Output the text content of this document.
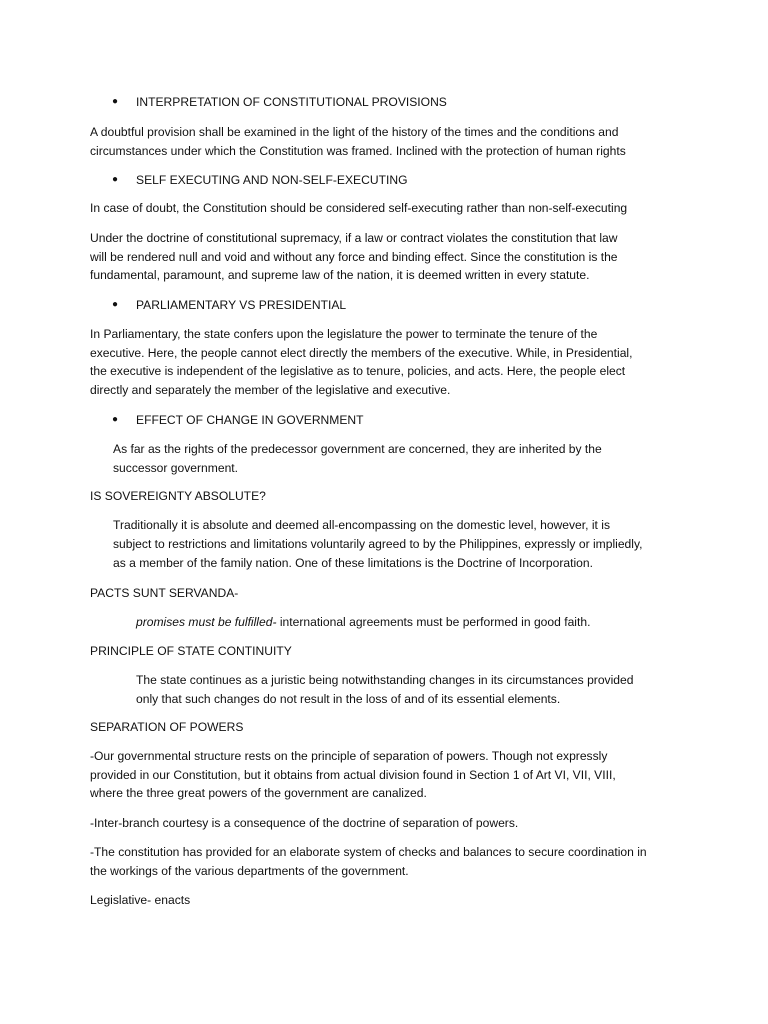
● INTERPRETATION OF CONSTITUTIONAL PROVISIONS
A doubtful provision shall be examined in the light of the history of the times and the conditions and
circumstances under which the Constitution was framed. Inclined with the protection of human rights
● SELF EXECUTING AND NON-SELF-EXECUTING
In case of doubt, the Constitution should be considered self-executing rather than non-self-executing
Under the doctrine of constitutional supremacy, if a law or contract violates the constitution that law
will be rendered null and void and without any force and binding effect. Since the constitution is the
fundamental, paramount, and supreme law of the nation, it is deemed written in every statute.
● PARLIAMENTARY VS PRESIDENTIAL
In Parliamentary, the state confers upon the legislature the power to terminate the tenure of the
executive. Here, the people cannot elect directly the members of the executive. While, in Presidential,
the executive is independent of the legislative as to tenure, policies, and acts. Here, the people elect
directly and separately the member of the legislative and executive.
● EFFECT OF CHANGE IN GOVERNMENT
As far as the rights of the predecessor government are concerned, they are inherited by the
successor government.
IS SOVEREIGNTY ABSOLUTE?
Traditionally it is absolute and deemed all-encompassing on the domestic level, however, it is
subject to restrictions and limitations voluntarily agreed to by the Philippines, expressly or impliedly,
as a member of the family nation. One of these limitations is the Doctrine of Incorporation.
PACTS SUNT SERVANDA-
promises must be fulfilled- international agreements must be performed in good faith.
PRINCIPLE OF STATE CONTINUITY
The state continues as a juristic being notwithstanding changes in its circumstances provided
only that such changes do not result in the loss of and of its essential elements.
SEPARATION OF POWERS
-Our governmental structure rests on the principle of separation of powers. Though not expressly
provided in our Constitution, but it obtains from actual division found in Section 1 of Art VI, VII, VIII,
where the three great powers of the government are canalized.
-Inter-branch courtesy is a consequence of the doctrine of separation of powers.
-The constitution has provided for an elaborate system of checks and balances to secure coordination in
the workings of the various departments of the government.
Legislative- enacts
